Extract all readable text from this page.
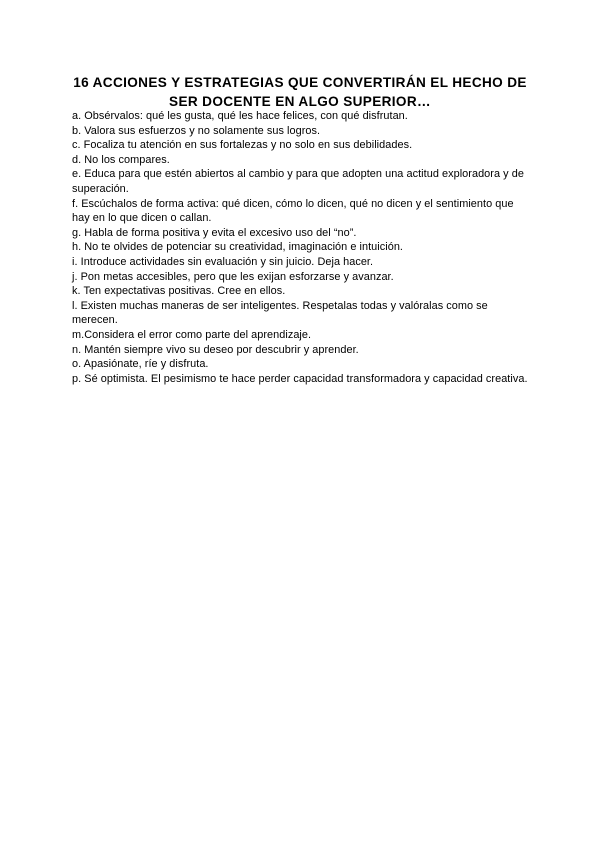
16 ACCIONES Y ESTRATEGIAS QUE CONVERTIRÁN EL HECHO DE SER DOCENTE EN ALGO SUPERIOR…
a. Obsérvalos: qué les gusta, qué les hace felices, con qué disfrutan.
b. Valora sus esfuerzos y no solamente sus logros.
c. Focaliza tu atención en sus fortalezas y no solo en sus debilidades.
d. No los compares.
e. Educa para que estén abiertos al cambio y para que adopten una actitud exploradora y de superación.
f. Escúchalos de forma activa: qué dicen, cómo lo dicen, qué no dicen y el sentimiento que hay en lo que dicen o callan.
g. Habla de forma positiva y evita el excesivo uso del “no”.
h. No te olvides de potenciar su creatividad, imaginación e intuición.
i. Introduce actividades sin evaluación y sin juicio. Deja hacer.
j. Pon metas accesibles, pero que les exijan esforzarse y avanzar.
k. Ten expectativas positivas. Cree en ellos.
l. Existen muchas maneras de ser inteligentes. Respetalas todas y valóralas como se merecen.
m.Considera el error como parte del aprendizaje.
n. Mantén siempre vivo su deseo por descubrir y aprender.
o. Apasiónate, ríe y disfruta.
p. Sé optimista. El pesimismo te hace perder capacidad transformadora y capacidad creativa.
